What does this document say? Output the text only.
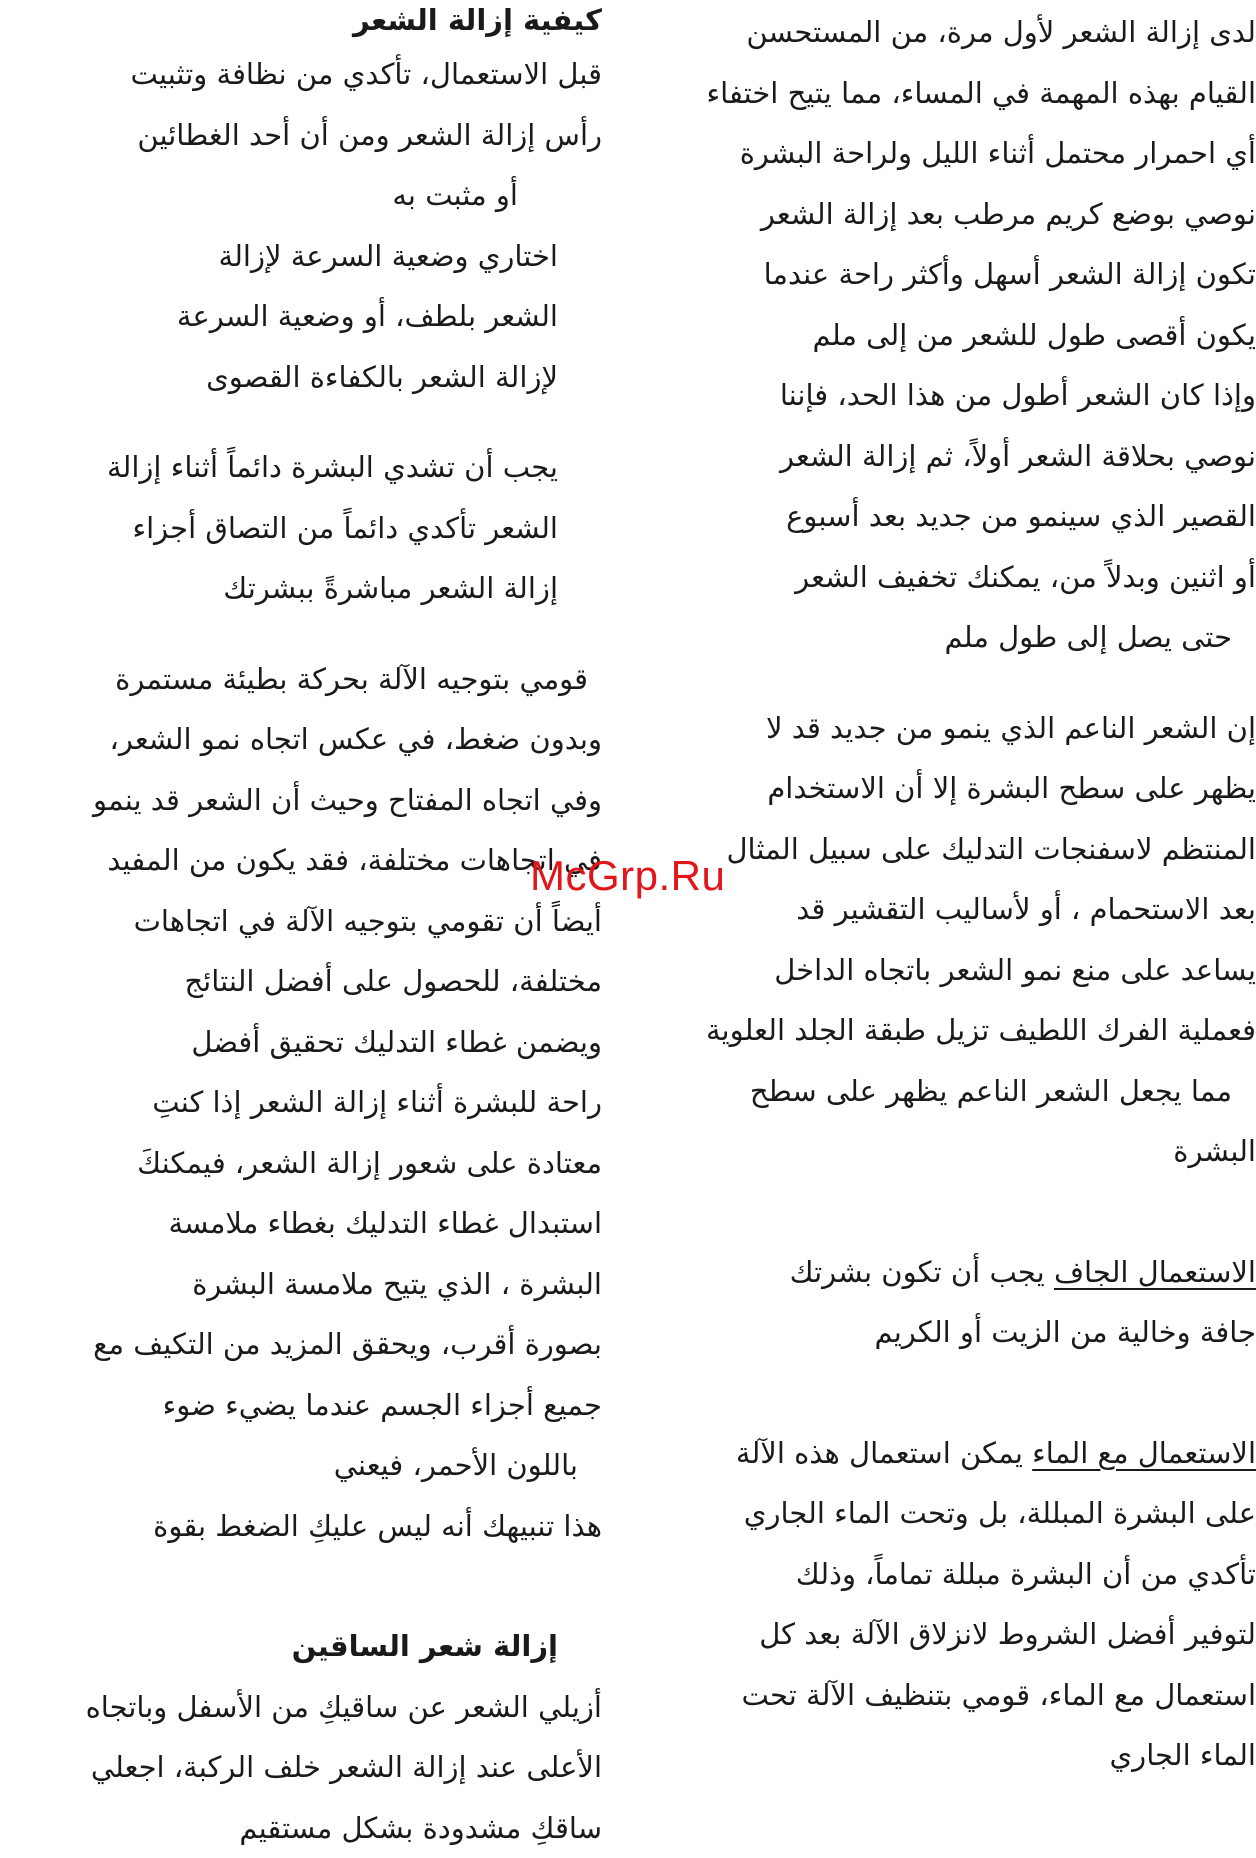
لدى إزالة الشعر لأول مرة، من المستحسن
القيام بهذه المهمة في المساء، مما يتيح اختفاء
أي احمرار محتمل أثناء الليل ولراحة البشرة
نوصي بوضع كريم مرطب بعد إزالة الشعر
تكون إزالة الشعر أسهل وأكثر راحة عندما
يكون أقصى طول للشعر من إلى ملم
وإذا كان الشعر أطول من هذا الحد، فإننا
نوصي بحلاقة الشعر أولاً، ثم إزالة الشعر
القصير الذي سينمو من جديد بعد أسبوع
أو اثنين وبدلاً من، يمكنك تخفيف الشعر
حتى يصل إلى طول ملم
إن الشعر الناعم الذي ينمو من جديد قد لا
يظهر على سطح البشرة إلا أن الاستخدام
المنتظم لاسفنجات التدليك على سبيل المثال
بعد الاستحمام ، أو لأساليب التقشير قد
يساعد على منع نمو الشعر باتجاه الداخل
فعملية الفرك اللطيف تزيل طبقة الجلد العلوية
مما يجعل الشعر الناعم يظهر على سطح
البشرة
الاستعمال الجاف يجب أن تكون بشرتك
جافة وخالية من الزيت أو الكريم
الاستعمال مع الماء يمكن استعمال هذه الآلة
على البشرة المبللة، بل وتحت الماء الجاري
تأكدي من أن البشرة مبللة تماماً، وذلك
لتوفير أفضل الشروط لانزلاق الآلة بعد كل
استعمال مع الماء، قومي بتنظيف الآلة تحت
الماء الجاري
كيفية إزالة الشعر
قبل الاستعمال، تأكدي من نظافة وتثبيت
رأس إزالة الشعر ومن أن أحد الغطائين
أو مثبت به
اختاري وضعية السرعة لإزالة
الشعر بلطف، أو وضعية السرعة
لإزالة الشعر بالكفاءة القصوى
يجب أن تشدي البشرة دائماً أثناء إزالة
الشعر تأكدي دائماً من التصاق أجزاء
إزالة الشعر مباشرةً ببشرتك
قومي بتوجيه الآلة بحركة بطيئة مستمرة
وبدون ضغط، في عكس اتجاه نمو الشعر،
وفي اتجاه المفتاح وحيث أن الشعر قد ينمو
في اتجاهات مختلفة، فقد يكون من المفيد
أيضاً أن تقومي بتوجيه الآلة في اتجاهات
مختلفة، للحصول على أفضل النتائج
ويضمن غطاء التدليك تحقيق أفضل
راحة للبشرة أثناء إزالة الشعر إذا كنتِ
معتادة على شعور إزالة الشعر، فيمكنكَ
استبدال غطاء التدليك بغطاء ملامسة
البشرة ، الذي يتيح ملامسة البشرة
بصورة أقرب، ويحقق المزيد من التكيف مع
جميع أجزاء الجسم عندما يضيء ضوء
باللون الأحمر، فيعني
هذا تنبيهك أنه ليس عليكِ الضغط بقوة
إزالة شعر الساقين
أزيلي الشعر عن ساقيكِ من الأسفل وباتجاه
الأعلى عند إزالة الشعر خلف الركبة، اجعلي
ساقكِ مشدودة بشكل مستقيم
McGrp.Ru
